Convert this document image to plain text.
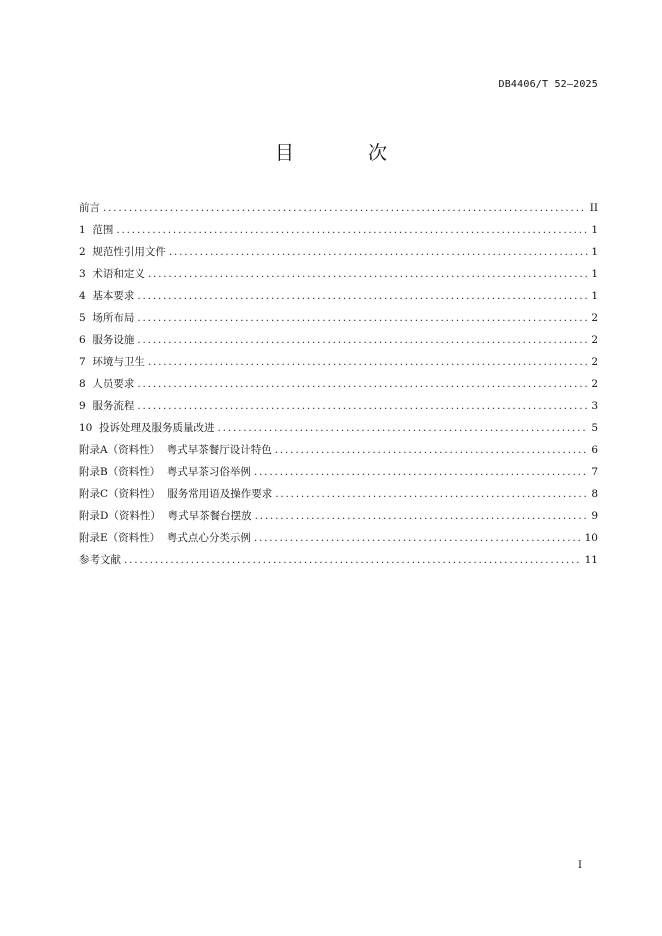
DB4406/T 52—2025
目 次
前言 .....	II
1  范围 .....	1
2  规范性引用文件 .....	1
3  术语和定义 .....	1
4  基本要求 .....	1
5  场所布局 .....	2
6  服务设施 .....	2
7  环境与卫生 .....	2
8  人员要求 .....	2
9  服务流程 .....	3
10  投诉处理及服务质量改进 .....	5
附录A（资料性）  粤式早茶餐厅设计特色 .....	6
附录B（资料性）  粤式早茶习俗举例 .....	7
附录C（资料性）  服务常用语及操作要求 .....	8
附录D（资料性）  粤式早茶餐台摆放 .....	9
附录E（资料性）  粤式点心分类示例 .....	10
参考文献 .....	11
I
